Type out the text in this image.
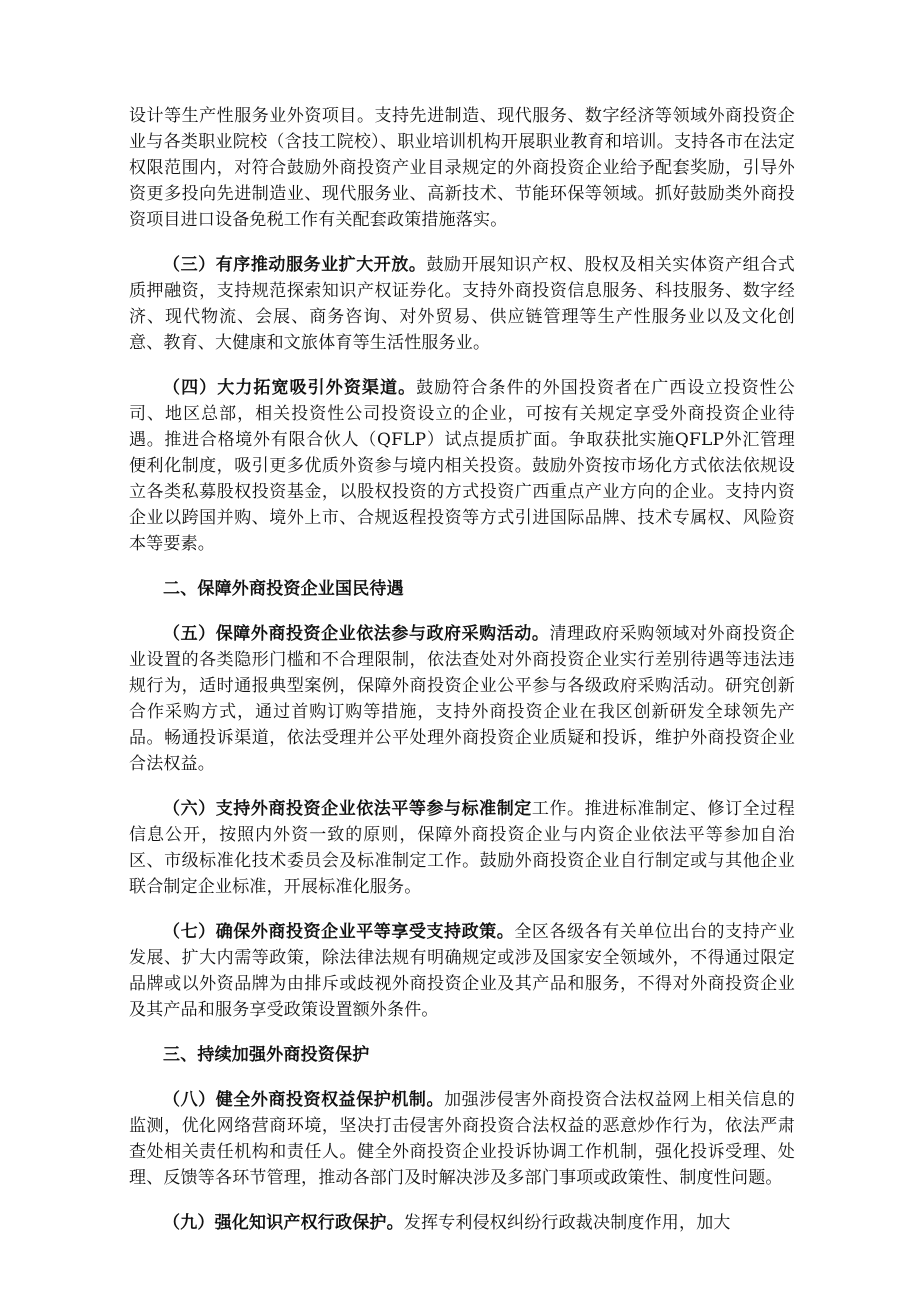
设计等生产性服务业外资项目。支持先进制造、现代服务、数字经济等领域外商投资企业与各类职业院校（含技工院校）、职业培训机构开展职业教育和培训。支持各市在法定权限范围内，对符合鼓励外商投资产业目录规定的外商投资企业给予配套奖励，引导外资更多投向先进制造业、现代服务业、高新技术、节能环保等领域。抓好鼓励类外商投资项目进口设备免税工作有关配套政策措施落实。

（三）有序推动服务业扩大开放。鼓励开展知识产权、股权及相关实体资产组合式质押融资，支持规范探索知识产权证券化。支持外商投资信息服务、科技服务、数字经济、现代物流、会展、商务咨询、对外贸易、供应链管理等生产性服务业以及文化创意、教育、大健康和文旅体育等生活性服务业。

（四）大力拓宽吸引外资渠道。鼓励符合条件的外国投资者在广西设立投资性公司、地区总部，相关投资性公司投资设立的企业，可按有关规定享受外商投资企业待遇。推进合格境外有限合伙人（QFLP）试点提质扩面。争取获批实施QFLP外汇管理便利化制度，吸引更多优质外资参与境内相关投资。鼓励外资按市场化方式依法依规设立各类私募股权投资基金，以股权投资的方式投资广西重点产业方向的企业。支持内资企业以跨国并购、境外上市、合规返程投资等方式引进国际品牌、技术专属权、风险资本等要素。

二、保障外商投资企业国民待遇

（五）保障外商投资企业依法参与政府采购活动。清理政府采购领域对外商投资企业设置的各类隐形门槛和不合理限制，依法查处对外商投资企业实行差别待遇等违法违规行为，适时通报典型案例，保障外商投资企业公平参与各级政府采购活动。研究创新合作采购方式，通过首购订购等措施，支持外商投资企业在我区创新研发全球领先产品。畅通投诉渠道，依法受理并公平处理外商投资企业质疑和投诉，维护外商投资企业合法权益。

（六）支持外商投资企业依法平等参与标准制定工作。推进标准制定、修订全过程信息公开，按照内外资一致的原则，保障外商投资企业与内资企业依法平等参加自治区、市级标准化技术委员会及标准制定工作。鼓励外商投资企业自行制定或与其他企业联合制定企业标准，开展标准化服务。

（七）确保外商投资企业平等享受支持政策。全区各级各有关单位出台的支持产业发展、扩大内需等政策，除法律法规有明确规定或涉及国家安全领域外，不得通过限定品牌或以外资品牌为由排斥或歧视外商投资企业及其产品和服务，不得对外商投资企业及其产品和服务享受政策设置额外条件。

三、持续加强外商投资保护

（八）健全外商投资权益保护机制。加强涉侵害外商投资合法权益网上相关信息的监测，优化网络营商环境，坚决打击侵害外商投资合法权益的恶意炒作行为，依法严肃查处相关责任机构和责任人。健全外商投资企业投诉协调工作机制，强化投诉受理、处理、反馈等各环节管理，推动各部门及时解决涉及多部门事项或政策性、制度性问题。

（九）强化知识产权行政保护。发挥专利侵权纠纷行政裁决制度作用，加大
